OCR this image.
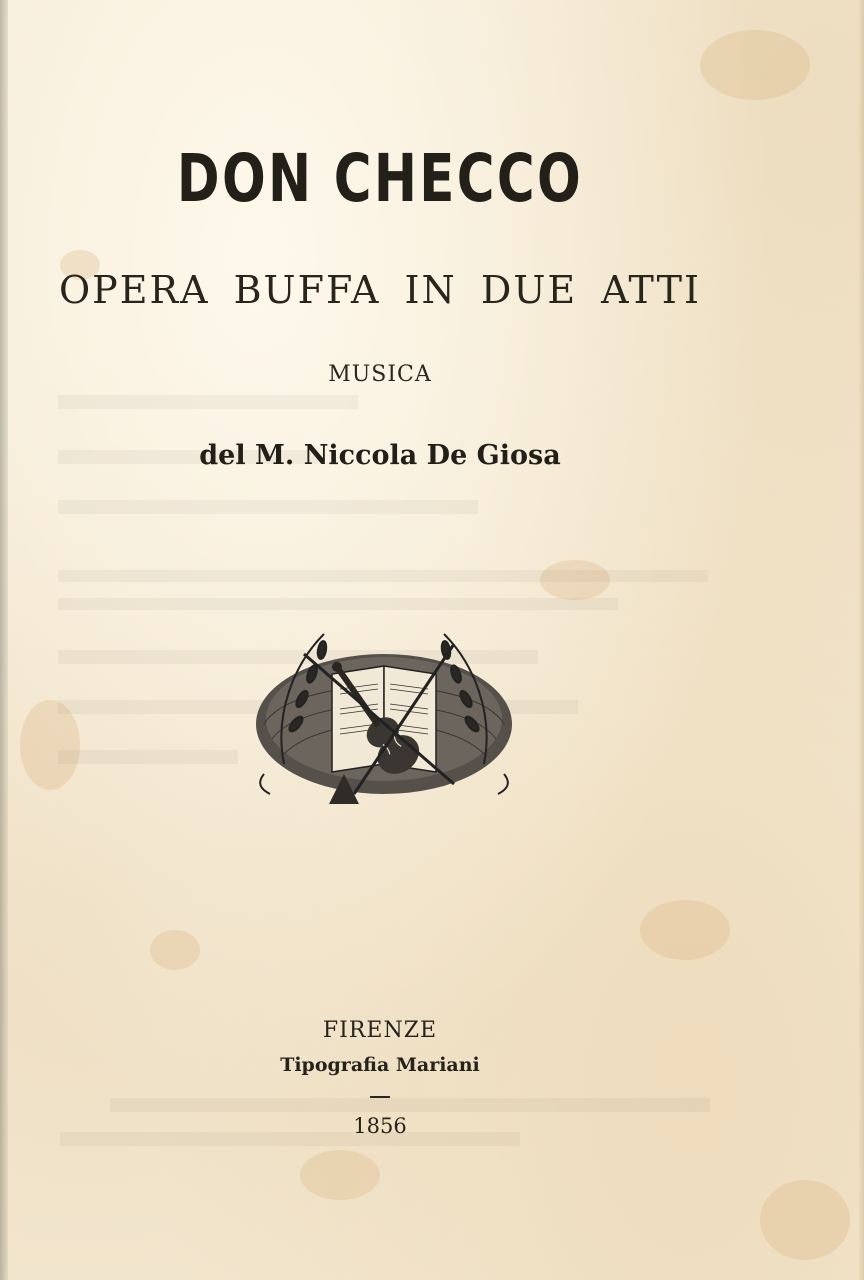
DON CHECCO
OPERA BUFFA IN DUE ATTI
MUSICA
del M. Niccola De Giosa
FIRENZE
Tipografia Mariani
1856
